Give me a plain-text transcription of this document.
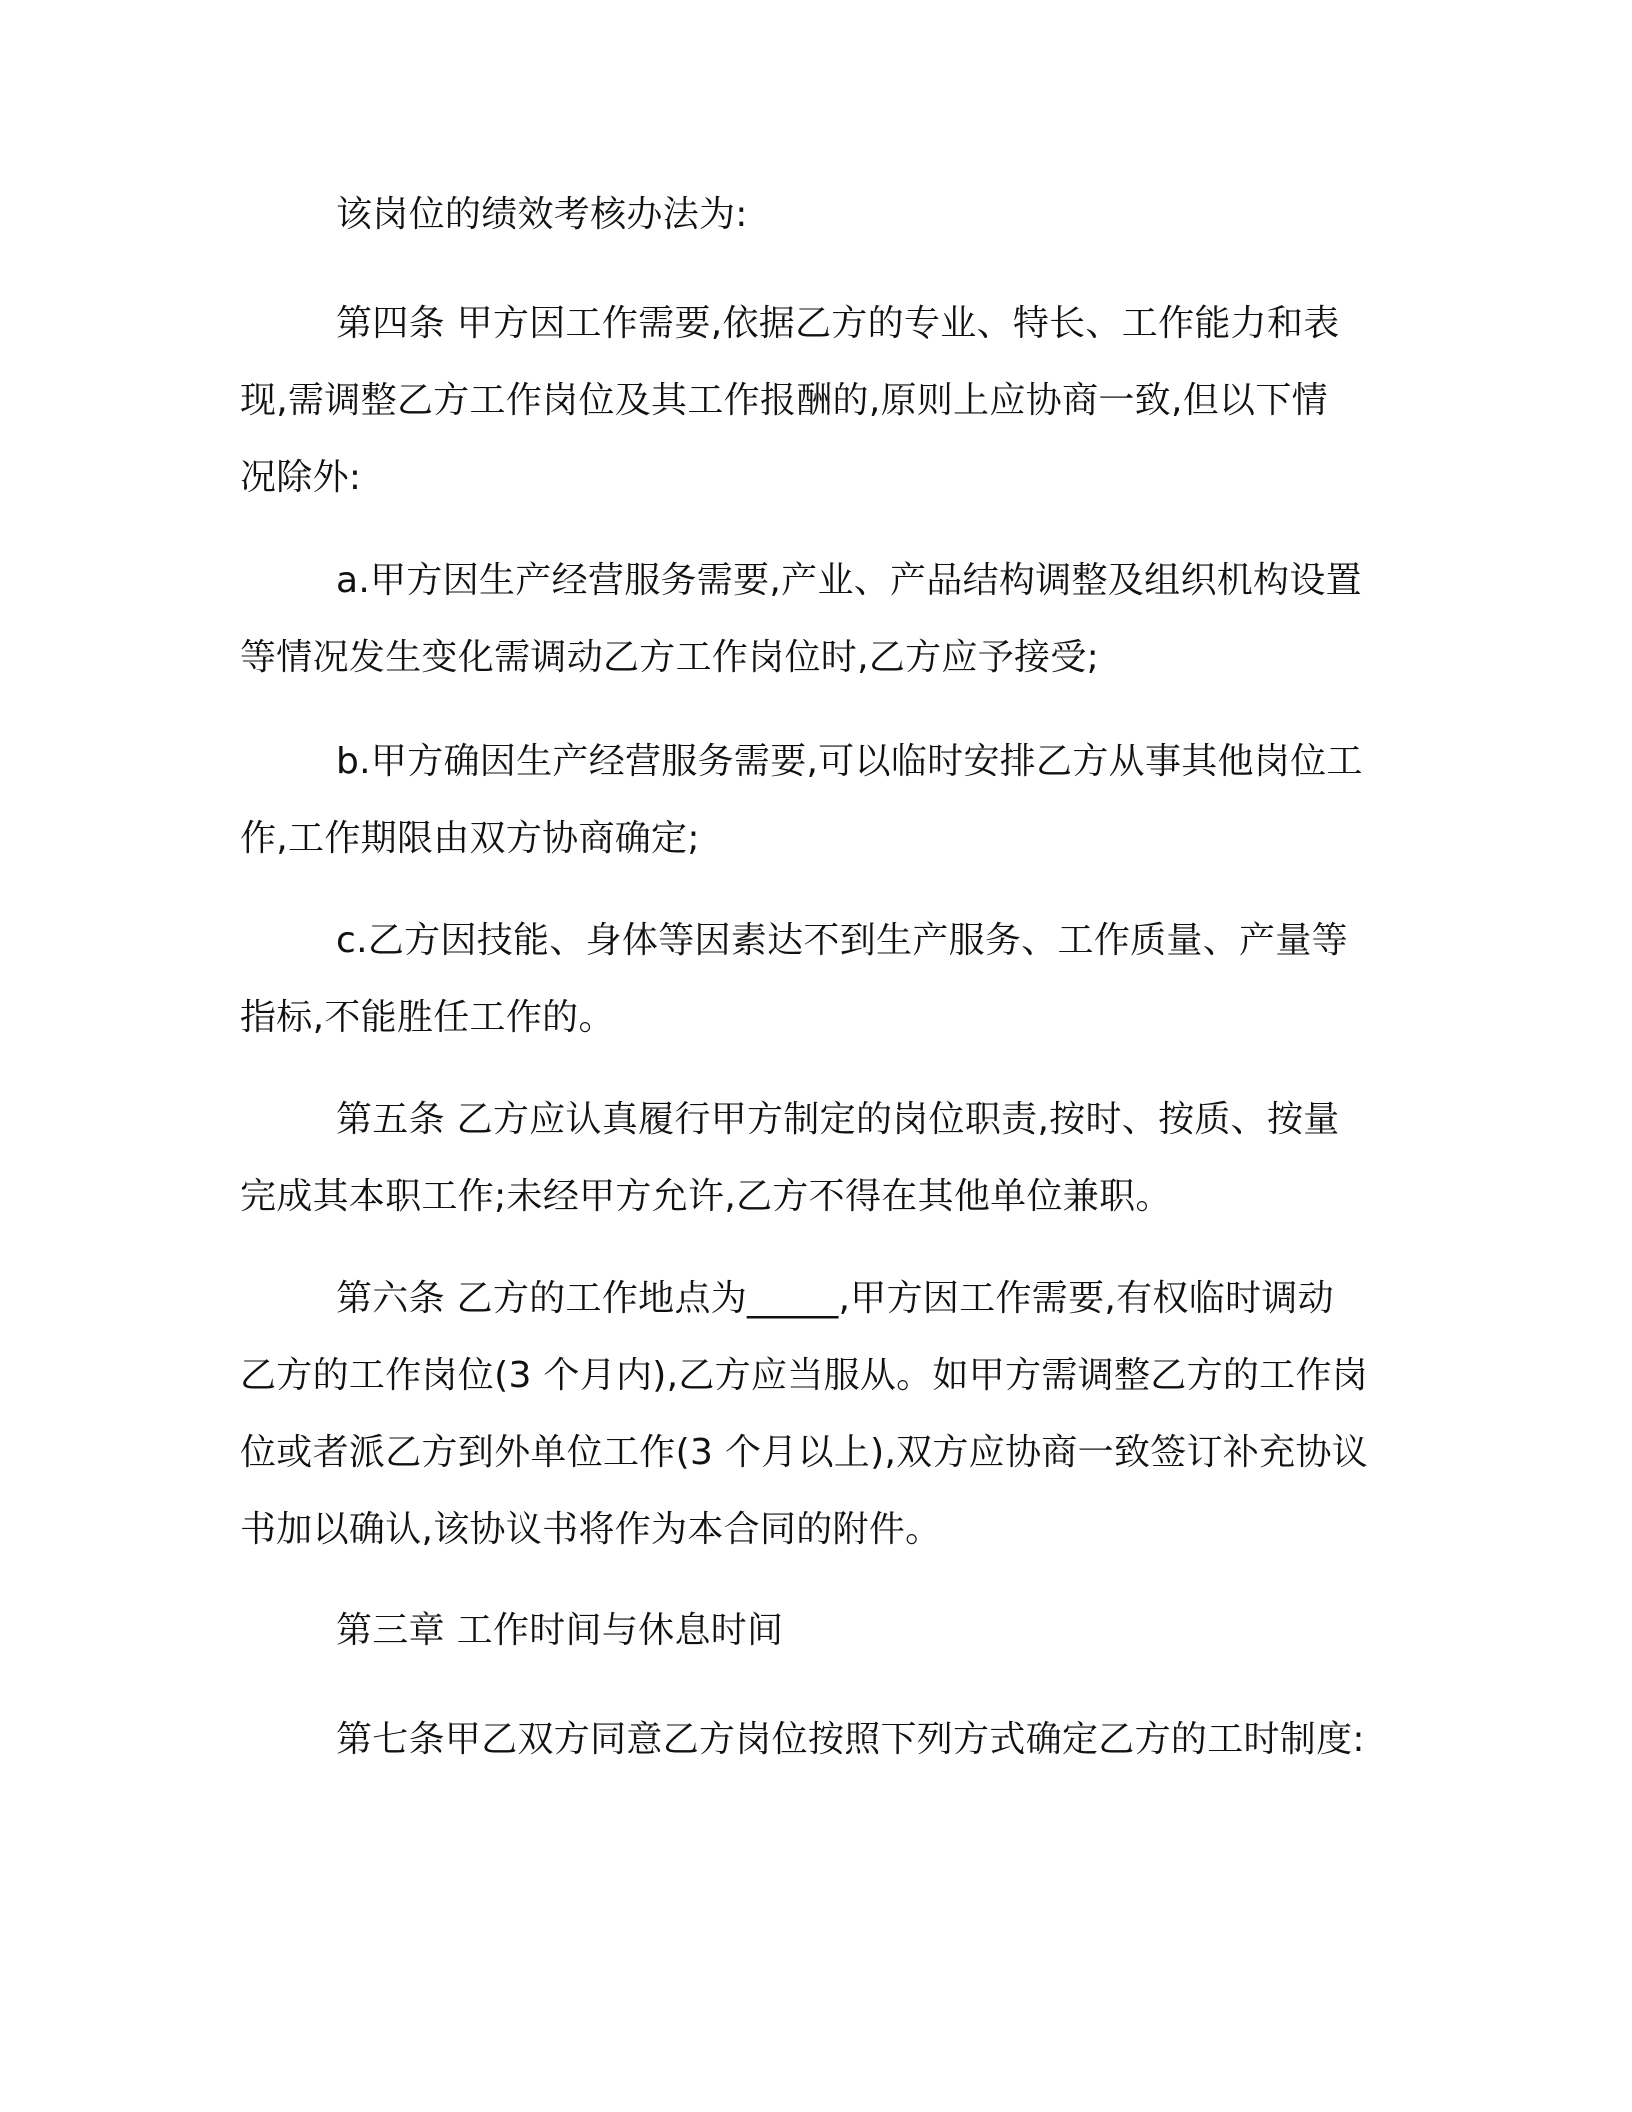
该岗位的绩效考核办法为:
第四条 甲方因工作需要,依据乙方的专业、特长、工作能力和表
现,需调整乙方工作岗位及其工作报酬的,原则上应协商一致,但以下情
况除外:
a.甲方因生产经营服务需要,产业、产品结构调整及组织机构设置
等情况发生变化需调动乙方工作岗位时,乙方应予接受;
b.甲方确因生产经营服务需要,可以临时安排乙方从事其他岗位工
作,工作期限由双方协商确定;
c.乙方因技能、身体等因素达不到生产服务、工作质量、产量等
指标,不能胜任工作的。
第五条 乙方应认真履行甲方制定的岗位职责,按时、按质、按量
完成其本职工作;未经甲方允许,乙方不得在其他单位兼职。
第六条 乙方的工作地点为_____,甲方因工作需要,有权临时调动
乙方的工作岗位(3 个月内),乙方应当服从。如甲方需调整乙方的工作岗
位或者派乙方到外单位工作(3 个月以上),双方应协商一致签订补充协议
书加以确认,该协议书将作为本合同的附件。
第三章 工作时间与休息时间
第七条甲乙双方同意乙方岗位按照下列方式确定乙方的工时制度:
